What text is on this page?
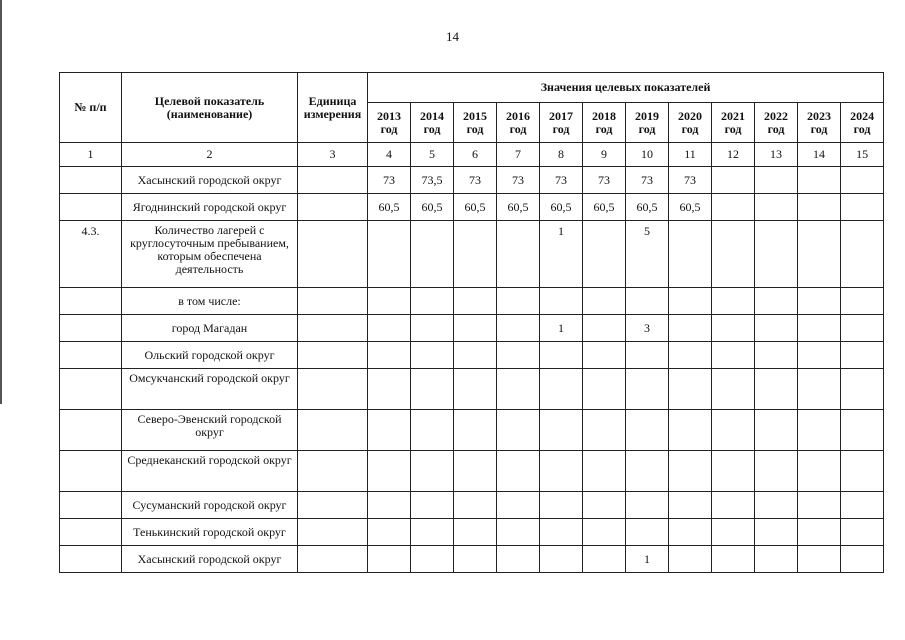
14
№ п/п	Целевой показатель (наименование)	Единица измерения	Значения целевых показателей											
			2013 год	2014 год	2015 год	2016 год	2017 год	2018 год	2019 год	2020 год	2021 год	2022 год	2023 год	2024 год
1	2	3	4	5	6	7	8	9	10	11	12	13	14	15
	Хасынский городской округ		73	73,5	73	73	73	73	73	73				
	Ягоднинский городской округ		60,5	60,5	60,5	60,5	60,5	60,5	60,5	60,5				
4.3.	Количество лагерей с круглосуточным пребыванием, которым обеспечена деятельность						1		5					
	в том числе:													
	город Магадан						1		3					
	Ольский городской округ													
	Омсукчанский городской округ													
	Северо-Эвенский городской округ													
	Среднеканский городской округ													
	Сусуманский городской округ													
	Тенькинский городской округ													
	Хасынский городской округ								1					
